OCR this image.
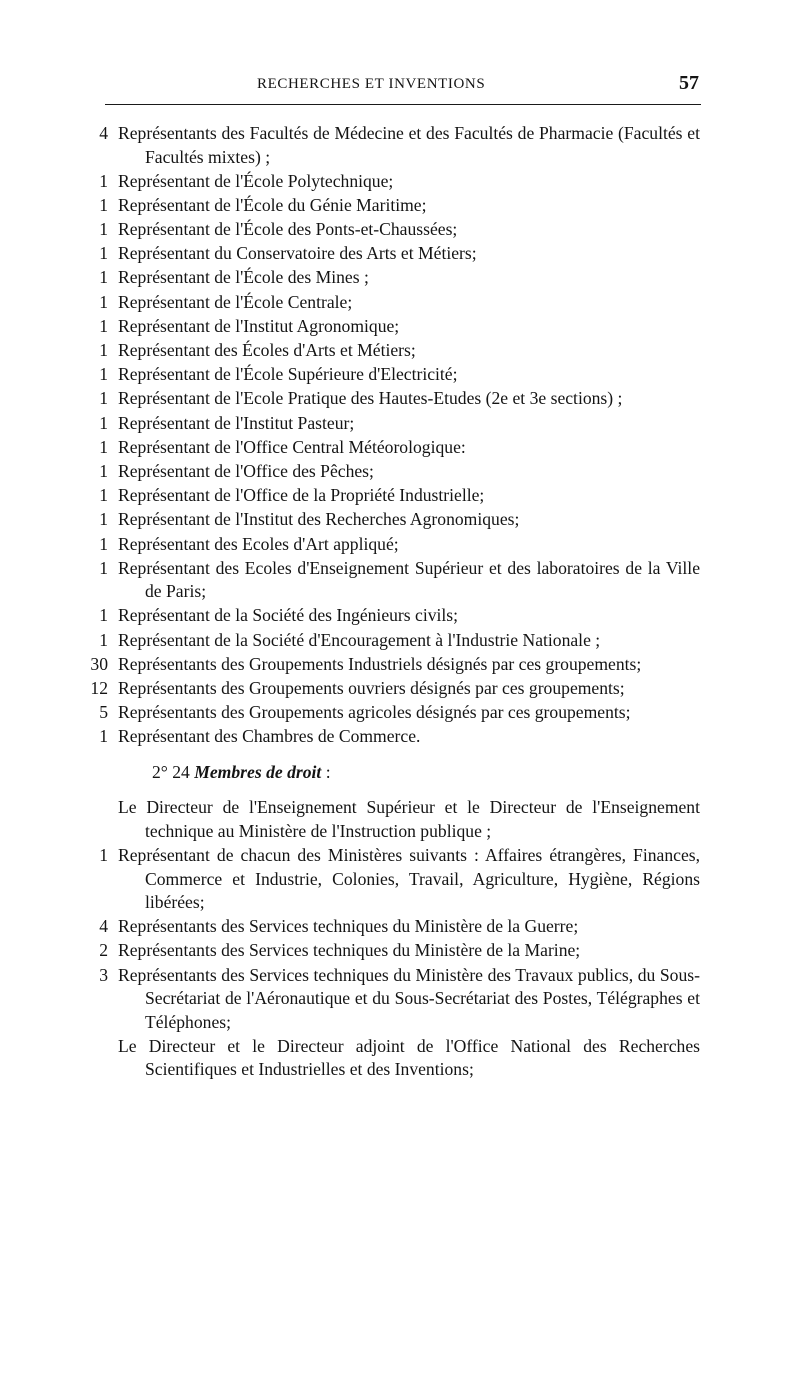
RECHERCHES ET INVENTIONS	57
4 Représentants des Facultés de Médecine et des Facultés de Pharmacie (Facultés et Facultés mixtes) ;
1 Représentant de l'École Polytechnique;
1 Représentant de l'École du Génie Maritime;
1 Représentant de l'École des Ponts-et-Chaussées;
1 Représentant du Conservatoire des Arts et Métiers;
1 Représentant de l'École des Mines ;
1 Représentant de l'École Centrale;
1 Représentant de l'Institut Agronomique;
1 Représentant des Écoles d'Arts et Métiers;
1 Représentant de l'École Supérieure d'Electricité;
1 Représentant de l'Ecole Pratique des Hautes-Etudes (2e et 3e sections) ;
1 Représentant de l'Institut Pasteur;
1 Représentant de l'Office Central Météorologique:
1 Représentant de l'Office des Pêches;
1 Représentant de l'Office de la Propriété Industrielle;
1 Représentant de l'Institut des Recherches Agronomiques;
1 Représentant des Ecoles d'Art appliqué;
1 Représentant des Ecoles d'Enseignement Supérieur et des laboratoires de la Ville de Paris;
1 Représentant de la Société des Ingénieurs civils;
1 Représentant de la Société d'Encouragement à l'Industrie Nationale ;
30 Représentants des Groupements Industriels désignés par ces groupements;
12 Représentants des Groupements ouvriers désignés par ces groupements;
5 Représentants des Groupements agricoles désignés par ces groupements;
1 Représentant des Chambres de Commerce.
2° 24 Membres de droit :
Le Directeur de l'Enseignement Supérieur et le Directeur de l'Enseignement technique au Ministère de l'Instruction publique ;
1 Représentant de chacun des Ministères suivants : Affaires étrangères, Finances, Commerce et Industrie, Colonies, Travail, Agriculture, Hygiène, Régions libérées;
4 Représentants des Services techniques du Ministère de la Guerre;
2 Représentants des Services techniques du Ministère de la Marine;
3 Représentants des Services techniques du Ministère des Travaux publics, du Sous-Secrétariat de l'Aéronautique et du Sous-Secrétariat des Postes, Télégraphes et Téléphones;
Le Directeur et le Directeur adjoint de l'Office National des Recherches Scientifiques et Industrielles et des Inventions;
